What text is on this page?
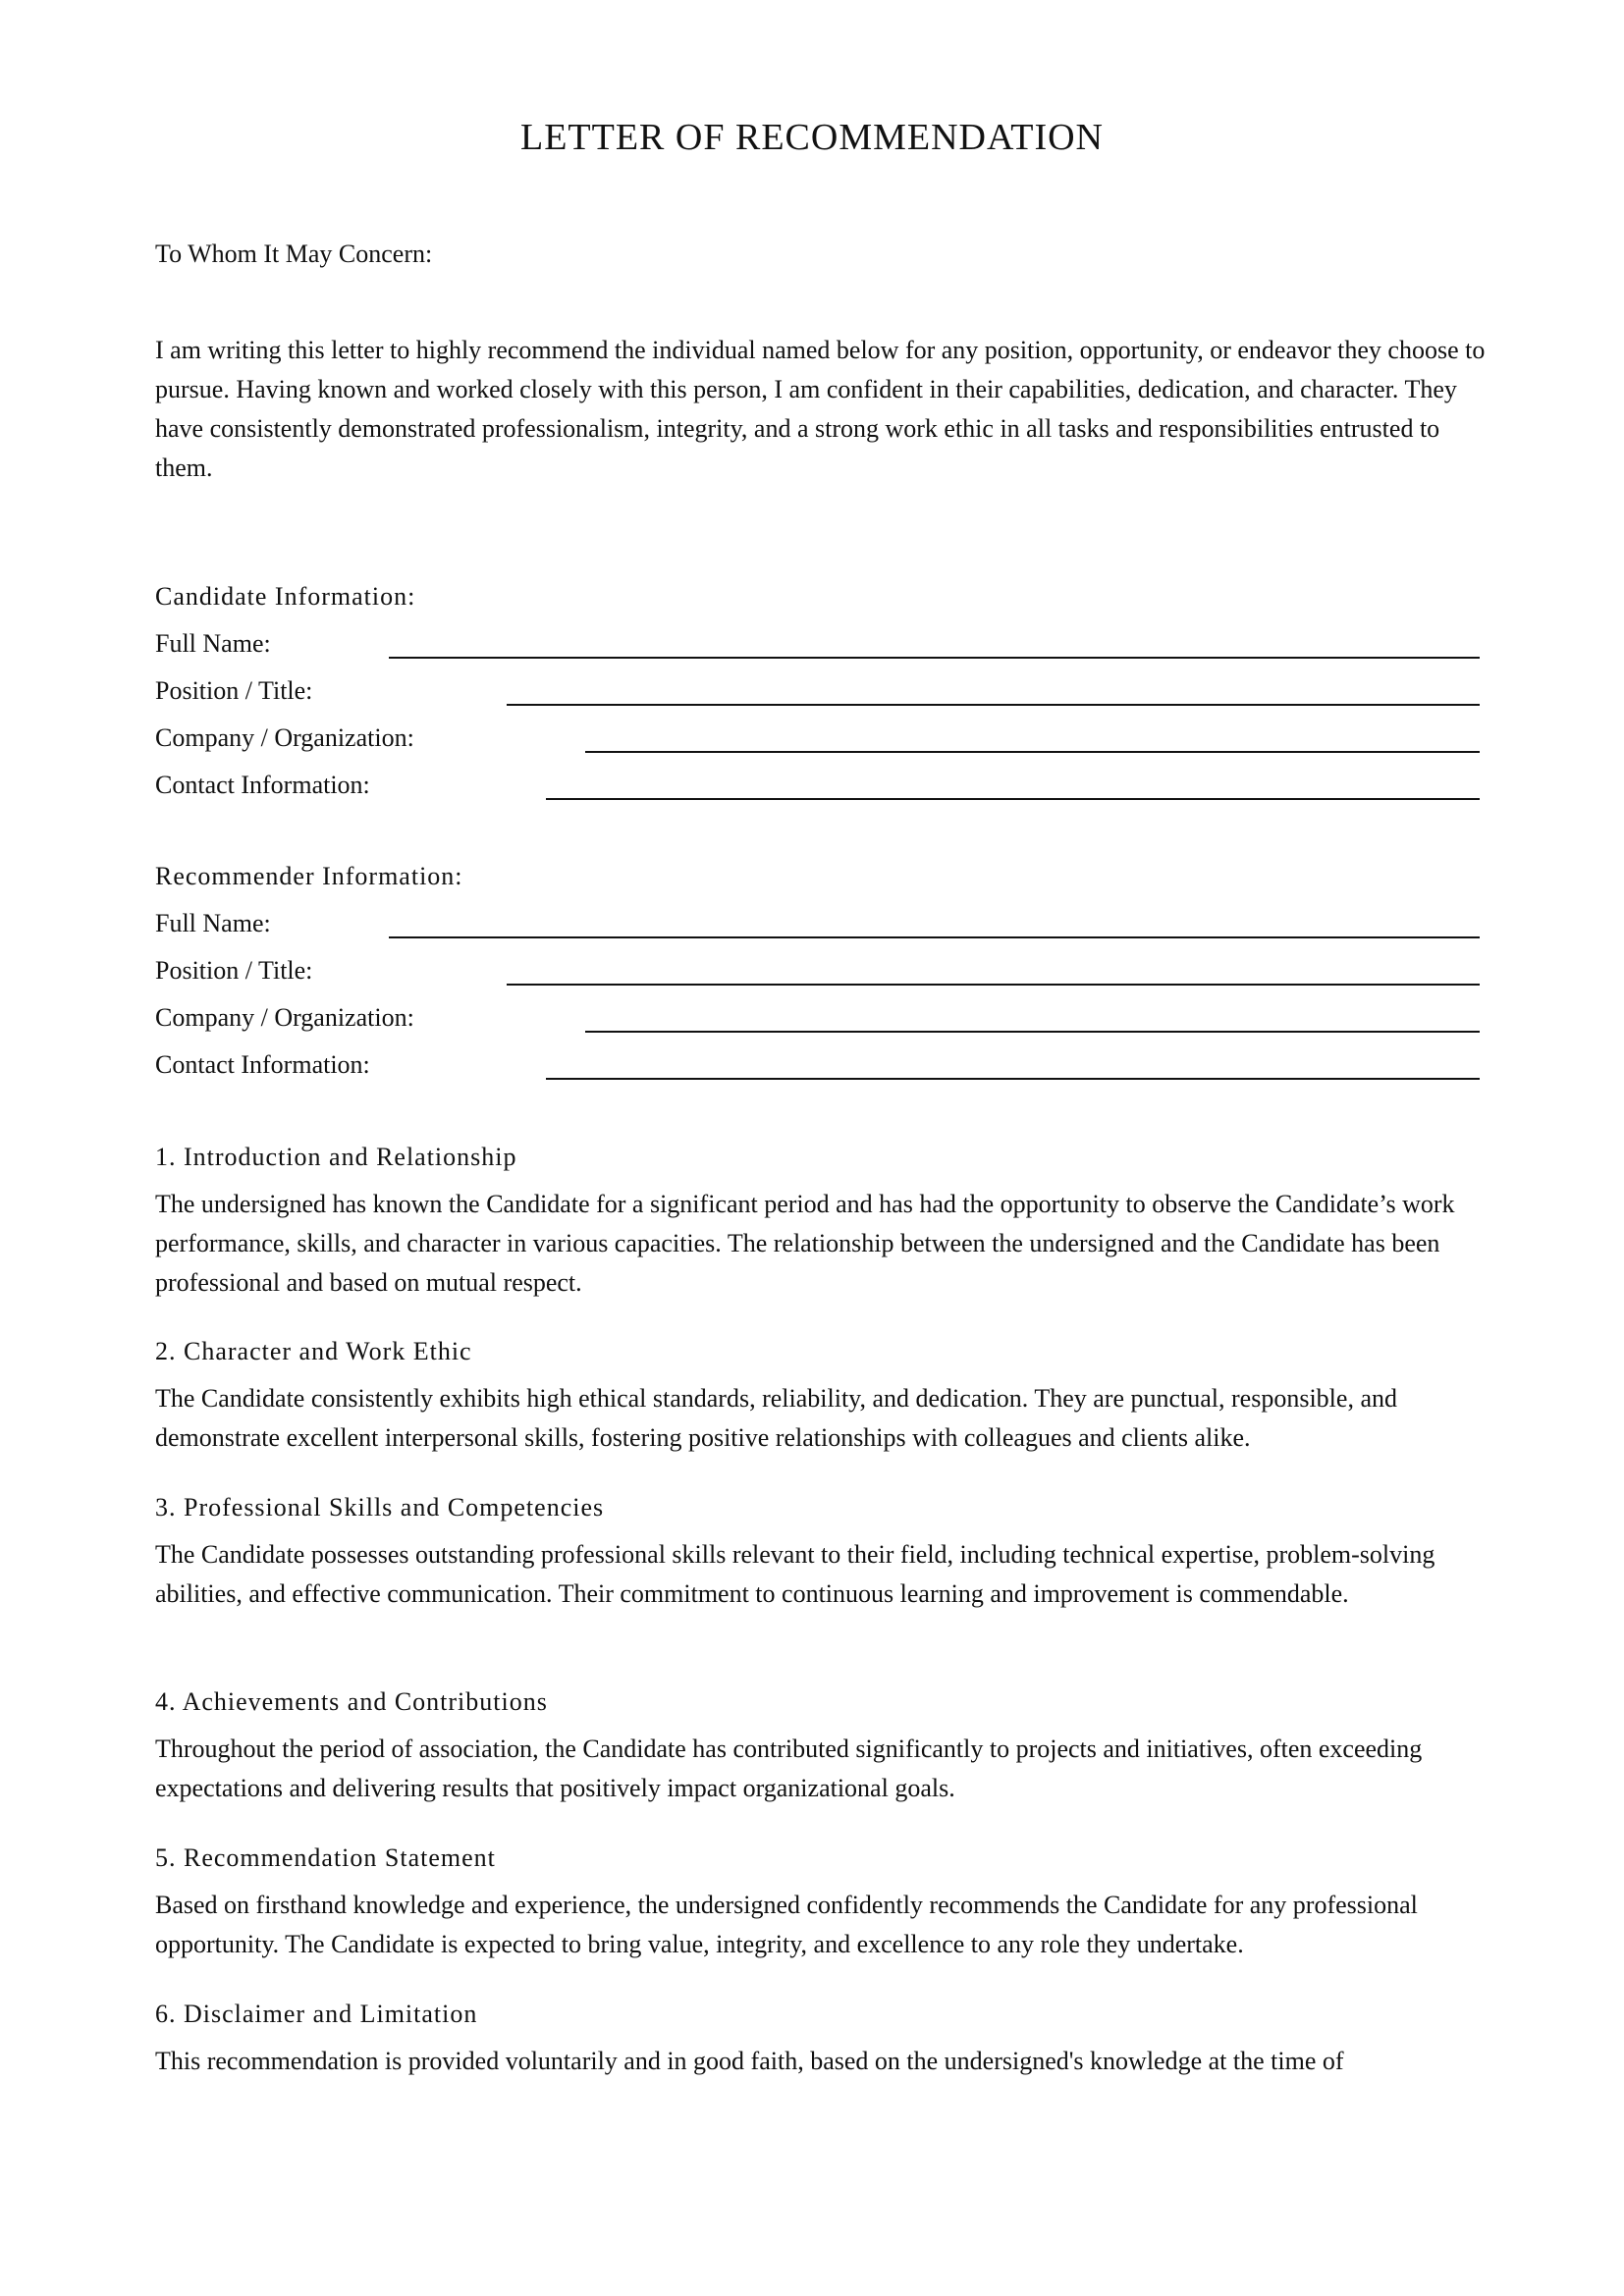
LETTER OF RECOMMENDATION
To Whom It May Concern:

I am writing this letter to highly recommend the individual named below for any position, opportunity, or endeavor they choose to pursue. Having known and worked closely with this person, I am confident in their capabilities, dedication, and character. They have consistently demonstrated professionalism, integrity, and a strong work ethic in all tasks and responsibilities entrusted to them.

Candidate Information:
Full Name:
Position / Title:
Company / Organization:
Contact Information:
Recommender Information:
Full Name:
Position / Title:
Company / Organization:
Contact Information:
1. Introduction and Relationship

The undersigned has known the Candidate for a significant period and has had the opportunity to observe the Candidate’s work performance, skills, and character in various capacities. The relationship between the undersigned and the Candidate has been professional and based on mutual respect.

2. Character and Work Ethic

The Candidate consistently exhibits high ethical standards, reliability, and dedication. They are punctual, responsible, and demonstrate excellent interpersonal skills, fostering positive relationships with colleagues and clients alike.

3. Professional Skills and Competencies

The Candidate possesses outstanding professional skills relevant to their field, including technical expertise, problem-solving abilities, and effective communication. Their commitment to continuous learning and improvement is commendable.

4. Achievements and Contributions

Throughout the period of association, the Candidate has contributed significantly to projects and initiatives, often exceeding expectations and delivering results that positively impact organizational goals.

5. Recommendation Statement

Based on firsthand knowledge and experience, the undersigned confidently recommends the Candidate for any professional opportunity. The Candidate is expected to bring value, integrity, and excellence to any role they undertake.

6. Disclaimer and Limitation

This recommendation is provided voluntarily and in good faith, based on the undersigned's knowledge at the time of
